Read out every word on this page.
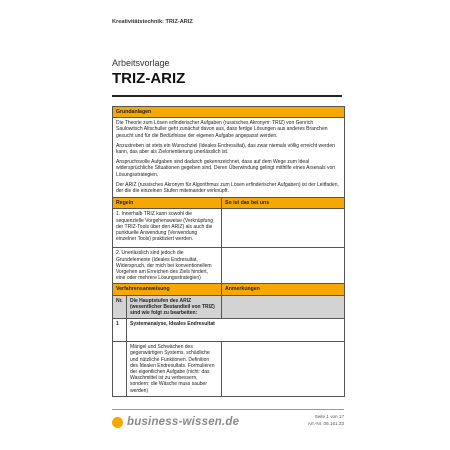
Kreativitätstechnik: TRIZ-ARIZ
Arbeitsvorlage
TRIZ-ARIZ
Grundanlagen		

Die Theorie zum Lösen erfinderischer Aufgaben (russisches Akronym: TRIZ) von Genrich Saulowitsch Altschuller geht zunächst davon aus, dass fertige Lösungen aus anderes Branchen gesucht und für die Bedürfnisse der eigenen Aufgabe angepasst werden.

Anzustreben ist stets ein Wunschziel (Ideales Endresultat), das zwar niemals völlig erreicht werden kann, das aber als Zielorientierung unerlässlich ist.

Anspruchsvolle Aufgaben sind dadurch gekennzeichnet, dass auf dem Wege zum Ideal widersprüchliche Situationen gegeben sind. Deren Überwindung gelingt mithilfe eines Arsenals von Lösungsstrategien.

Der ARIZ (russisches Akronym für Algorithmus zum Lösen erfinderischer Aufgaben) ist der Leitfaden, der die die einzelnen Stufen miteinander verknüpft.		

Regeln		So ist das bei uns
1. Innerhalb TRIZ kann sowohl die sequenzielle Vorgehensweise (Verknüpfung der TRIZ-Tools über den ARIZ) als auch die punktuelle Anwendung (Verwendung einzelner Tools) praktiziert werden.		
2. Unerlässlich sind jedoch die Grundelemente (Ideales Endresultat, Widerspruch, der mich bei konventionellem Vorgehen am Erreichen des Ziels hindert, eine oder mehrere Lösungsstrategien)		
Verfahrensanweisung		Anmerkungen
Nr.	Die Hauptstufen des ARIZ (wesentlicher Bestandteil von TRIZ) sind wie folgt zu bearbeiten:	
1	Systemanalyse, Ideales Endresultat	
	Mängel und Schwächen des gegenwärtigen Systems, schädliche und nützliche Funktionen. Definition des Idealen Endresultats. Formulieren der eigentlichen Aufgabe (nicht: das Waschmittel ist zu verbessern, sondern: die Wäsche muss sauber werden)	
business-wissen.de	Seite 1 von 17
Art.-Nr. 06.161.33
